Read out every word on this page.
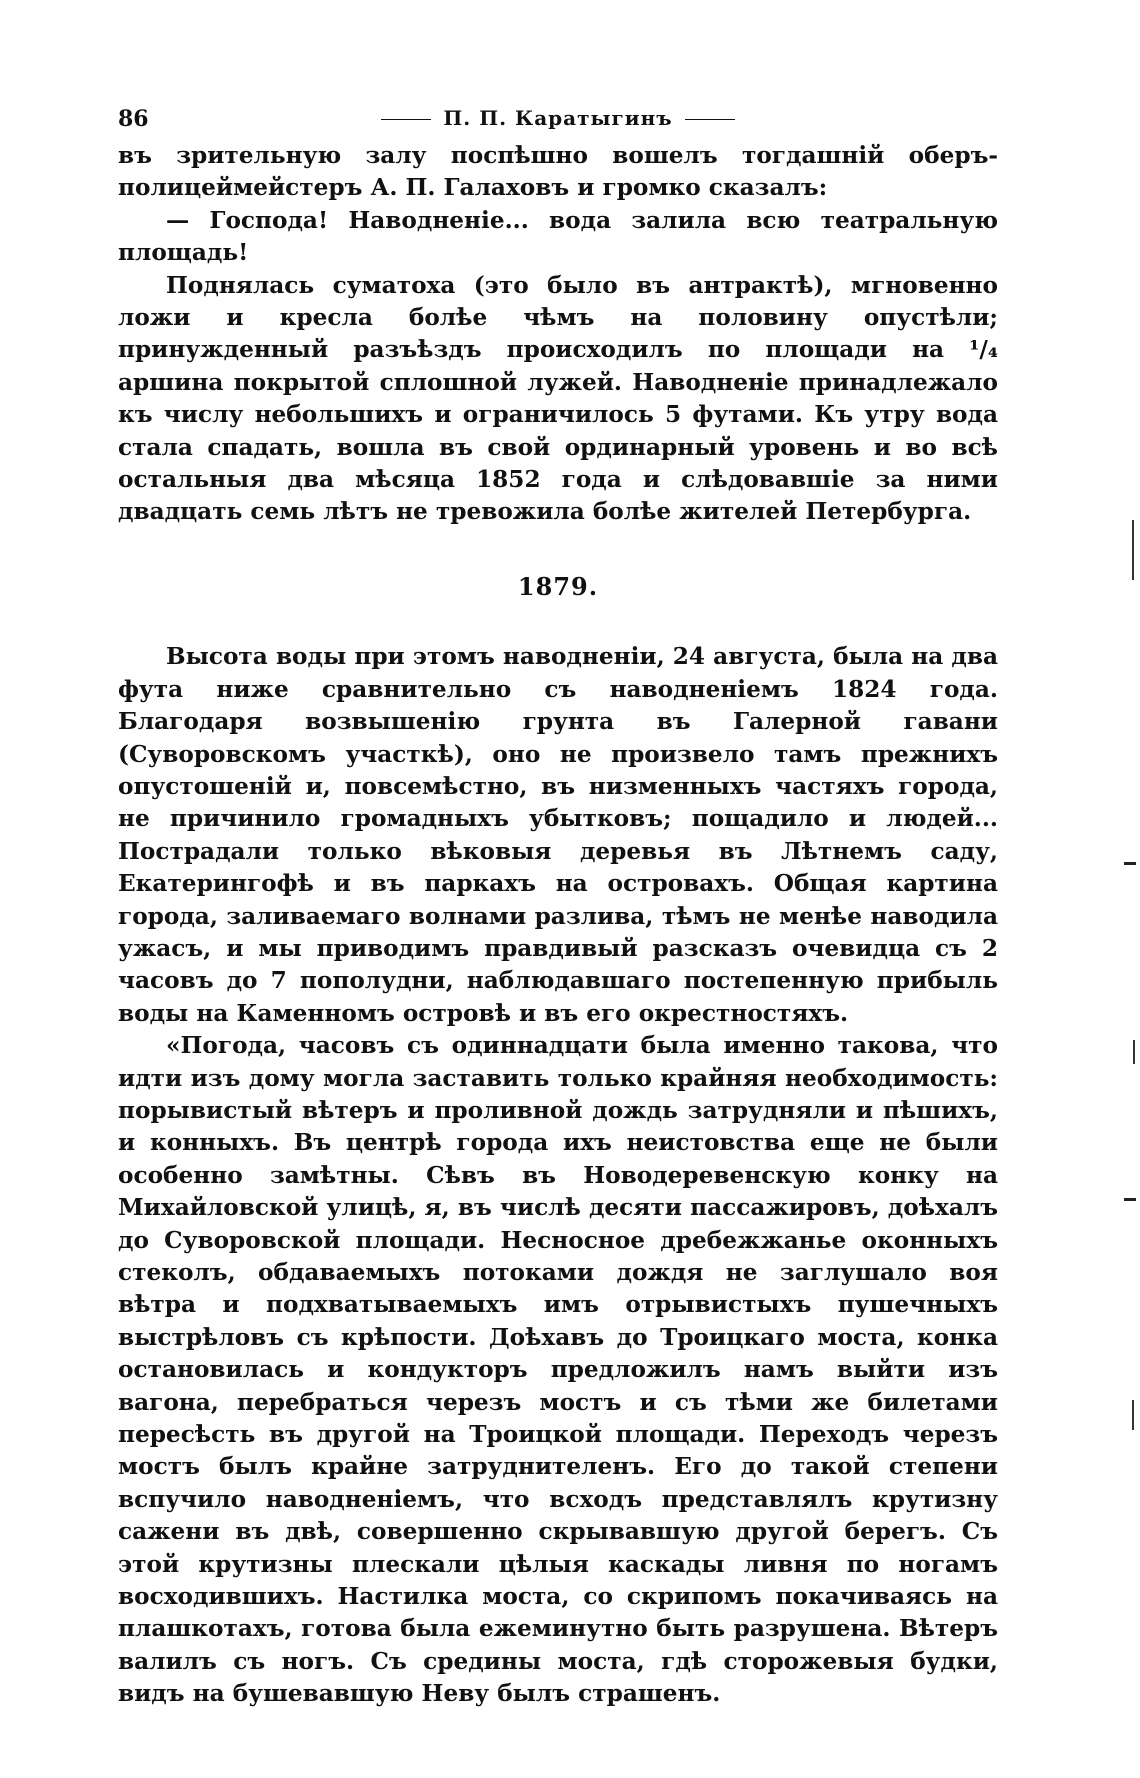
86	П. П. Каратыгинъ

въ зрительную залу поспѣшно вошелъ тогдашній оберъ-полицеймейстеръ А. П. Галаховъ и громко сказалъ:

— Господа! Наводненіе... вода залила всю театральную площадь!

Поднялась суматоха (это было въ антрактѣ), мгновенно ложи и кресла болѣе чѣмъ на половину опустѣли; принужденный разъѣздъ происходилъ по площади на ¹/₄ аршина покрытой сплошной лужей. Наводненіе принадлежало къ числу небольшихъ и ограничилось 5 футами. Къ утру вода стала спадать, вошла въ свой ординарный уровень и во всѣ остальныя два мѣсяца 1852 года и слѣдовавшіе за ними двадцать семь лѣтъ не тревожила болѣе жителей Петербурга.

1879.

Высота воды при этомъ наводненіи, 24 августа, была на два фута ниже сравнительно съ наводненіемъ 1824 года. Благодаря возвышенію грунта въ Галерной гавани (Суворовскомъ участкѣ), оно не произвело тамъ прежнихъ опустошеній и, повсемѣстно, въ низменныхъ частяхъ города, не причинило громадныхъ убытковъ; пощадило и людей... Пострадали только вѣковыя деревья въ Лѣтнемъ саду, Екатерингофѣ и въ паркахъ на островахъ. Общая картина города, заливаемаго волнами разлива, тѣмъ не менѣе наводила ужасъ, и мы приводимъ правдивый разсказъ очевидца съ 2 часовъ до 7 пополудни, наблюдавшаго постепенную прибыль воды на Каменномъ островѣ и въ его окрестностяхъ.

«Погода, часовъ съ одиннадцати была именно такова, что идти изъ дому могла заставить только крайняя необходимость: порывистый вѣтеръ и проливной дождь затрудняли и пѣшихъ, и конныхъ. Въ центрѣ города ихъ неистовства еще не были особенно замѣтны. Сѣвъ въ Новодеревенскую конку на Михайловской улицѣ, я, въ числѣ десяти пассажировъ, доѣхалъ до Суворовской площади. Несносное дребежжанье оконныхъ стеколъ, обдаваемыхъ потоками дождя не заглушало воя вѣтра и подхватываемыхъ имъ отрывистыхъ пушечныхъ выстрѣловъ съ крѣпости. Доѣхавъ до Троицкаго моста, конка остановилась и кондукторъ предложилъ намъ выйти изъ вагона, перебраться черезъ мостъ и съ тѣми же билетами пересѣсть въ другой на Троицкой площади. Переходъ черезъ мостъ былъ крайне затруднителенъ. Его до такой степени вспучило наводненіемъ, что всходъ представлялъ крутизну сажени въ двѣ, совершенно скрывавшую другой берегъ. Съ этой крутизны плескали цѣлыя каскады ливня по ногамъ восходившихъ. Настилка моста, со скрипомъ покачиваясь на плашкотахъ, готова была ежеминутно быть разрушена. Вѣтеръ валилъ съ ногъ. Съ средины моста, гдѣ сторожевыя будки, видъ на бушевавшую Неву былъ страшенъ.
